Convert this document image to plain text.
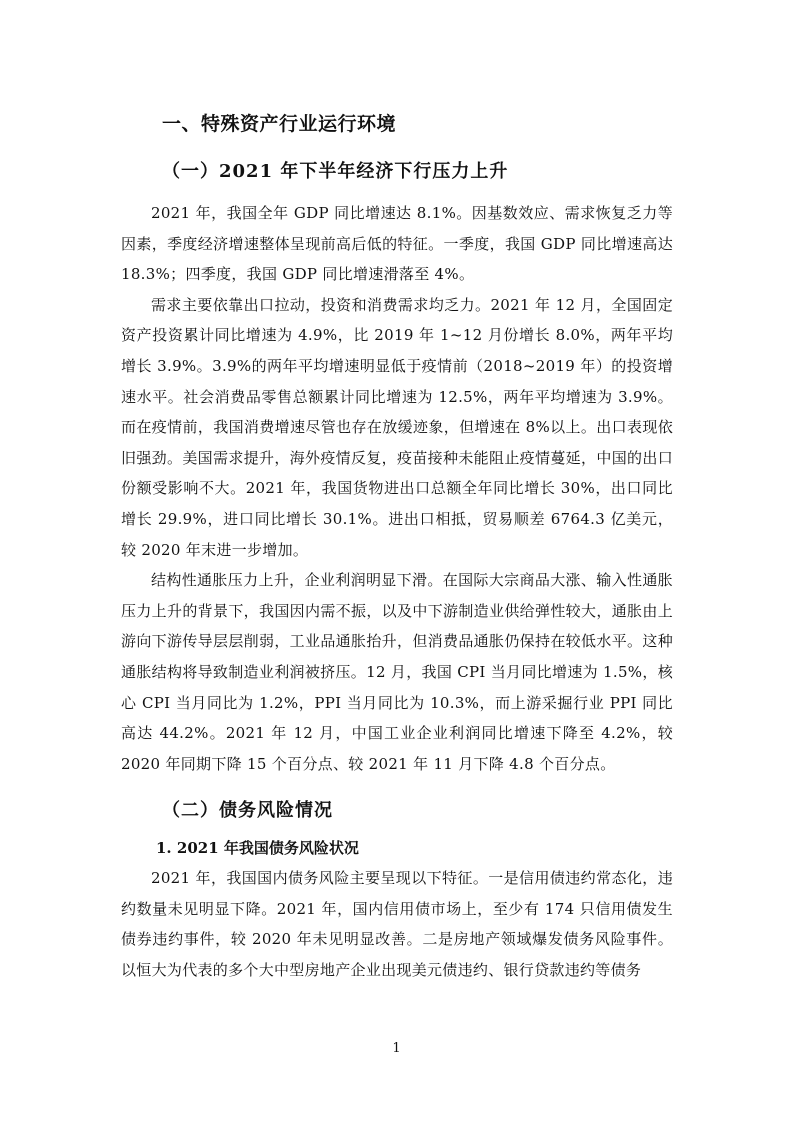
一、特殊资产行业运行环境
（一）2021 年下半年经济下行压力上升

2021 年，我国全年 GDP 同比增速达 8.1%。因基数效应、需求恢复乏力等因素，季度经济增速整体呈现前高后低的特征。一季度，我国 GDP 同比增速高达 18.3%；四季度，我国 GDP 同比增速滑落至 4%。

需求主要依靠出口拉动，投资和消费需求均乏力。2021 年 12 月，全国固定资产投资累计同比增速为 4.9%，比 2019 年 1~12 月份增长 8.0%，两年平均增长 3.9%。3.9%的两年平均增速明显低于疫情前（2018~2019 年）的投资增速水平。社会消费品零售总额累计同比增速为 12.5%，两年平均增速为 3.9%。而在疫情前，我国消费增速尽管也存在放缓迹象，但增速在 8%以上。出口表现依旧强劲。美国需求提升，海外疫情反复，疫苗接种未能阻止疫情蔓延，中国的出口份额受影响不大。2021 年，我国货物进出口总额全年同比增长 30%，出口同比增长 29.9%，进口同比增长 30.1%。进出口相抵，贸易顺差 6764.3 亿美元，较 2020 年末进一步增加。

结构性通胀压力上升，企业利润明显下滑。在国际大宗商品大涨、输入性通胀压力上升的背景下，我国因内需不振，以及中下游制造业供给弹性较大，通胀由上游向下游传导层层削弱，工业品通胀抬升，但消费品通胀仍保持在较低水平。这种通胀结构将导致制造业利润被挤压。12 月，我国 CPI 当月同比增速为 1.5%，核心 CPI 当月同比为 1.2%，PPI 当月同比为 10.3%，而上游采掘行业 PPI 同比高达 44.2%。2021 年 12 月，中国工业企业利润同比增速下降至 4.2%，较 2020 年同期下降 15 个百分点、较 2021 年 11 月下降 4.8 个百分点。

（二）债务风险情况
1. 2021 年我国债务风险状况

2021 年，我国国内债务风险主要呈现以下特征。一是信用债违约常态化，违约数量未见明显下降。2021 年，国内信用债市场上，至少有 174 只信用债发生债券违约事件，较 2020 年未见明显改善。二是房地产领域爆发债务风险事件。以恒大为代表的多个大中型房地产企业出现美元债违约、银行贷款违约等债务

1
